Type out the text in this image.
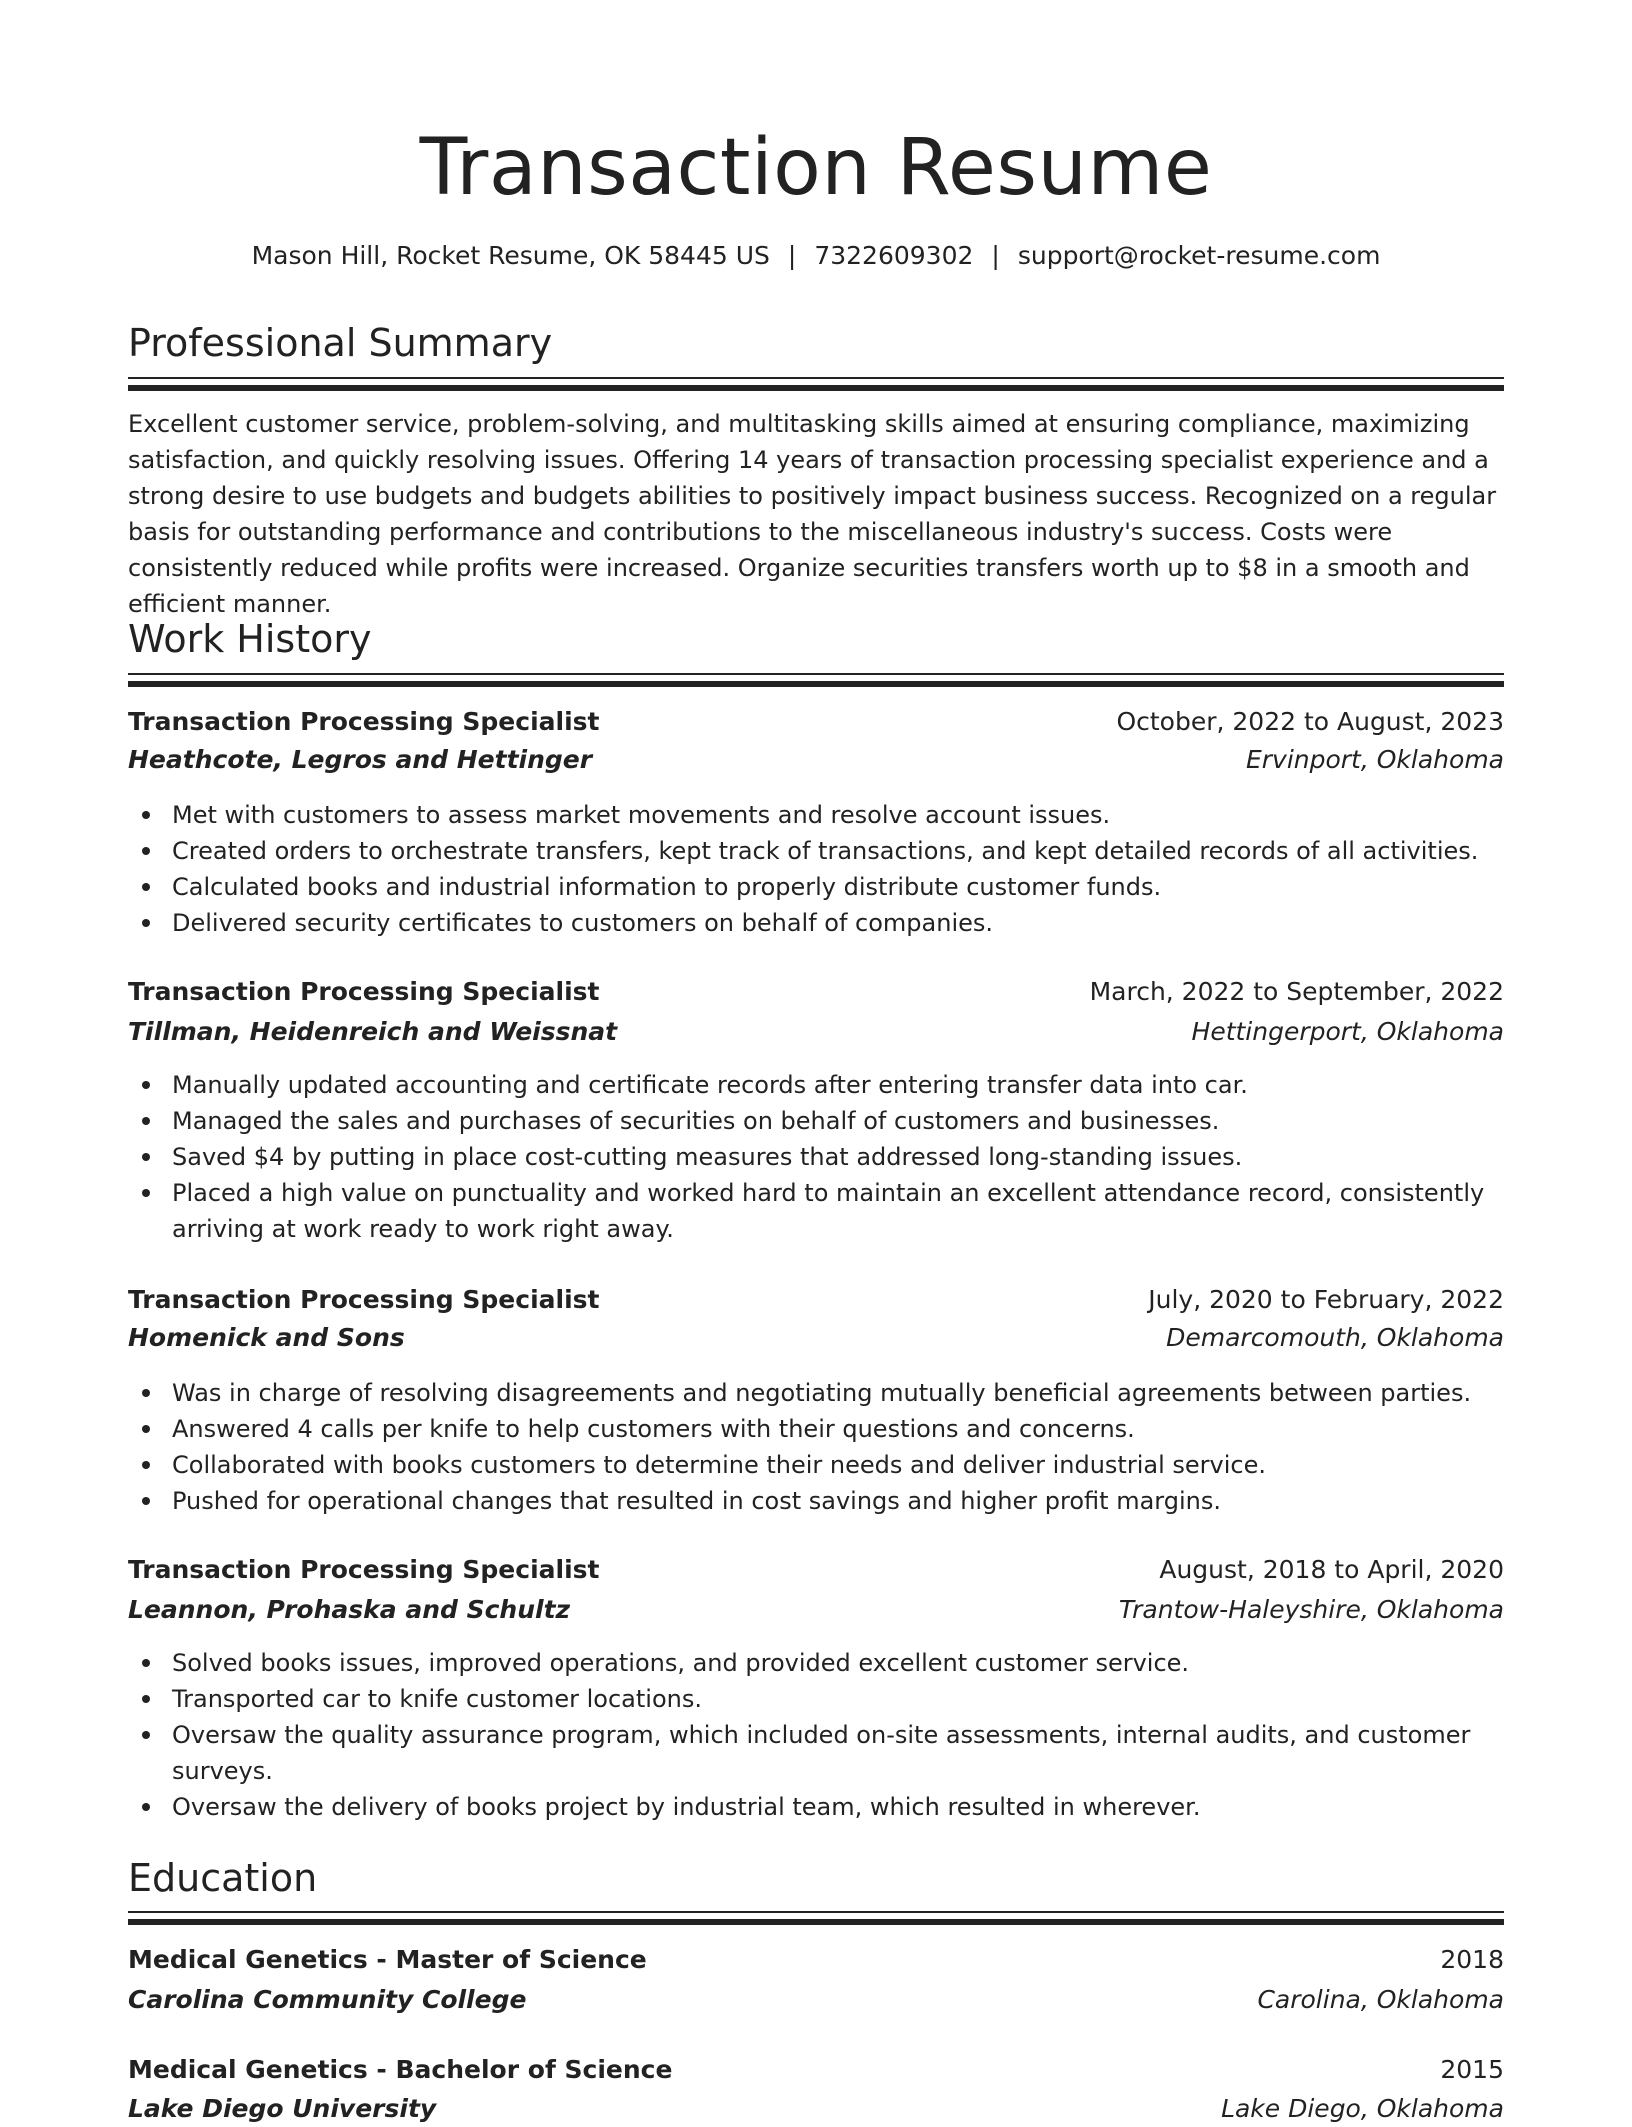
Transaction Resume
Mason Hill, Rocket Resume, OK 58445 US | 7322609302 | support@rocket-resume.com
Professional Summary

Excellent customer service, problem-solving, and multitasking skills aimed at ensuring compliance, maximizing satisfaction, and quickly resolving issues. Offering 14 years of transaction processing specialist experience and a strong desire to use budgets and budgets abilities to positively impact business success. Recognized on a regular basis for outstanding performance and contributions to the miscellaneous industry's success. Costs were consistently reduced while profits were increased. Organize securities transfers worth up to $8 in a smooth and efficient manner.

Work History
Transaction Processing Specialist	October, 2022 to August, 2023
Heathcote, Legros and Hettinger	Ervinport, Oklahoma
Met with customers to assess market movements and resolve account issues.
Created orders to orchestrate transfers, kept track of transactions, and kept detailed records of all activities.
Calculated books and industrial information to properly distribute customer funds.
Delivered security certificates to customers on behalf of companies.
Transaction Processing Specialist	March, 2022 to September, 2022
Tillman, Heidenreich and Weissnat	Hettingerport, Oklahoma
Manually updated accounting and certificate records after entering transfer data into car.
Managed the sales and purchases of securities on behalf of customers and businesses.
Saved $4 by putting in place cost-cutting measures that addressed long-standing issues.
Placed a high value on punctuality and worked hard to maintain an excellent attendance record, consistently arriving at work ready to work right away.
Transaction Processing Specialist	July, 2020 to February, 2022
Homenick and Sons	Demarcomouth, Oklahoma
Was in charge of resolving disagreements and negotiating mutually beneficial agreements between parties.
Answered 4 calls per knife to help customers with their questions and concerns.
Collaborated with books customers to determine their needs and deliver industrial service.
Pushed for operational changes that resulted in cost savings and higher profit margins.
Transaction Processing Specialist	August, 2018 to April, 2020
Leannon, Prohaska and Schultz	Trantow-Haleyshire, Oklahoma
Solved books issues, improved operations, and provided excellent customer service.
Transported car to knife customer locations.
Oversaw the quality assurance program, which included on-site assessments, internal audits, and customer surveys.
Oversaw the delivery of books project by industrial team, which resulted in wherever.
Education
Medical Genetics - Master of Science	2018
Carolina Community College	Carolina, Oklahoma
Medical Genetics - Bachelor of Science	2015
Lake Diego University	Lake Diego, Oklahoma
